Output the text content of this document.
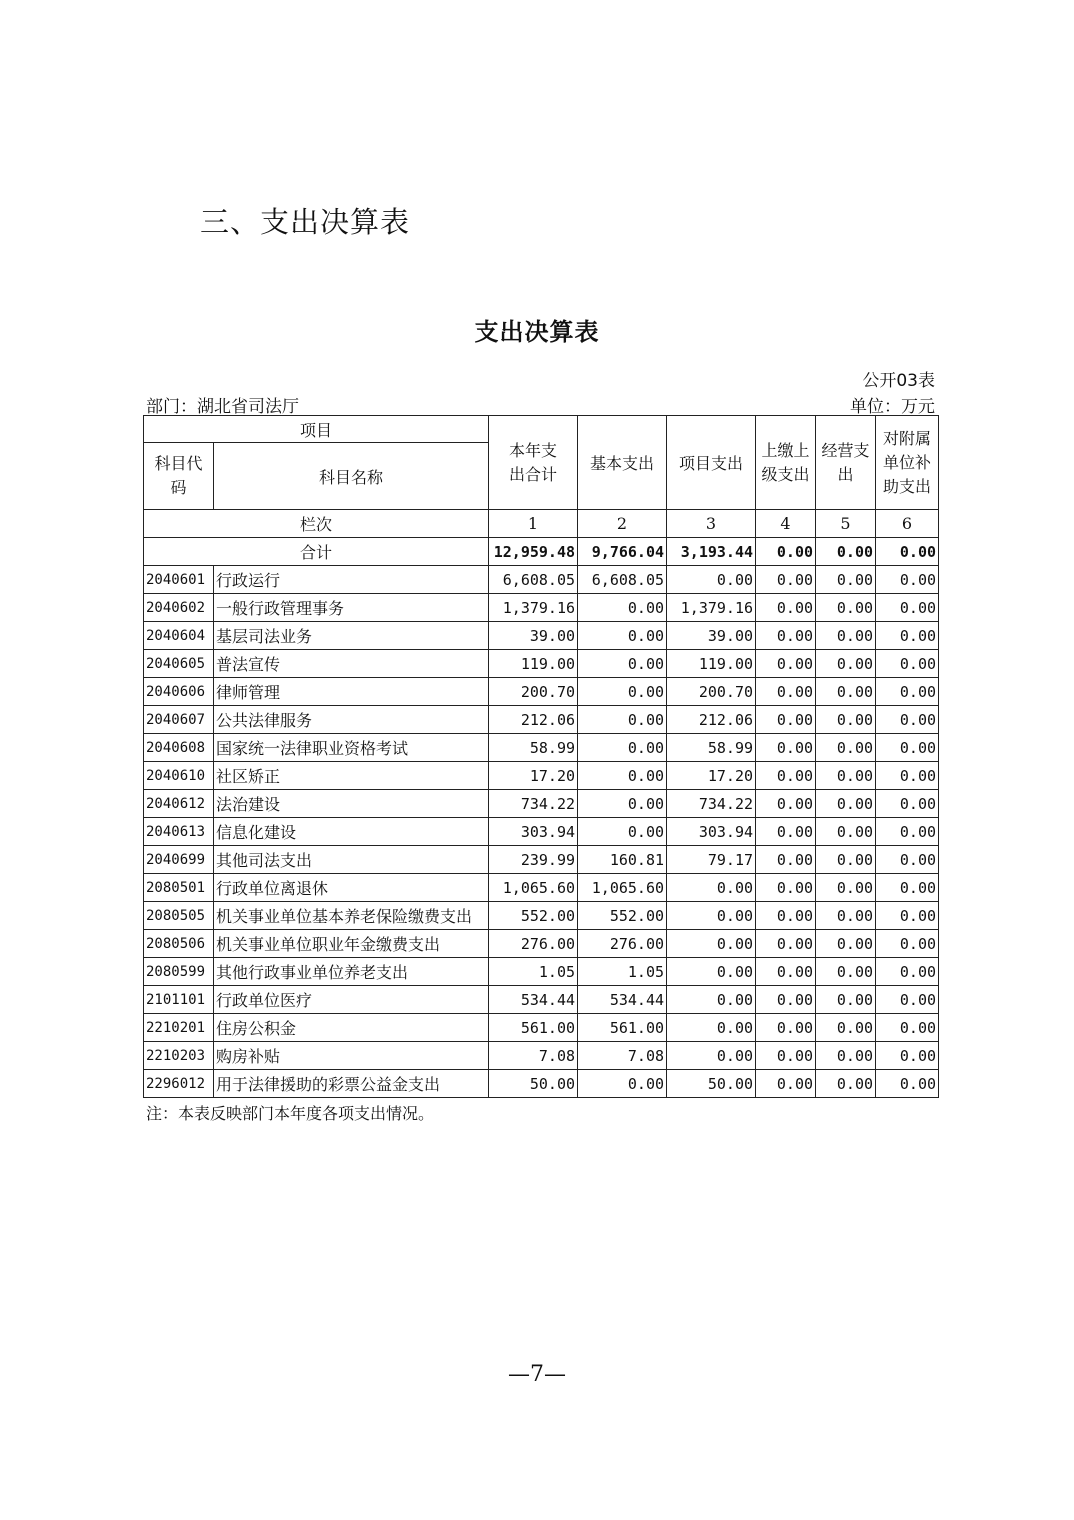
三、支出决算表
支出决算表
公开03表
部门：湖北省司法厅	单位：万元
项目		本年支出合计	基本支出	项目支出	上缴上级支出	经营支出	对附属单位补助支出

科目代码	科目名称						
栏次		1	2	3	4	5	6
合计		12,959.48	9,766.04	3,193.44	0.00	0.00	0.00
2040601	行政运行	6,608.05	6,608.05	0.00	0.00	0.00	0.00
2040602	一般行政管理事务	1,379.16	0.00	1,379.16	0.00	0.00	0.00
2040604	基层司法业务	39.00	0.00	39.00	0.00	0.00	0.00
2040605	普法宣传	119.00	0.00	119.00	0.00	0.00	0.00
2040606	律师管理	200.70	0.00	200.70	0.00	0.00	0.00
2040607	公共法律服务	212.06	0.00	212.06	0.00	0.00	0.00
2040608	国家统一法律职业资格考试	58.99	0.00	58.99	0.00	0.00	0.00
2040610	社区矫正	17.20	0.00	17.20	0.00	0.00	0.00
2040612	法治建设	734.22	0.00	734.22	0.00	0.00	0.00
2040613	信息化建设	303.94	0.00	303.94	0.00	0.00	0.00
2040699	其他司法支出	239.99	160.81	79.17	0.00	0.00	0.00
2080501	行政单位离退休	1,065.60	1,065.60	0.00	0.00	0.00	0.00
2080505	机关事业单位基本养老保险缴费支出	552.00	552.00	0.00	0.00	0.00	0.00
2080506	机关事业单位职业年金缴费支出	276.00	276.00	0.00	0.00	0.00	0.00
2080599	其他行政事业单位养老支出	1.05	1.05	0.00	0.00	0.00	0.00
2101101	行政单位医疗	534.44	534.44	0.00	0.00	0.00	0.00
2210201	住房公积金	561.00	561.00	0.00	0.00	0.00	0.00
2210203	购房补贴	7.08	7.08	0.00	0.00	0.00	0.00
2296012	用于法律援助的彩票公益金支出	50.00	0.00	50.00	0.00	0.00	0.00
注：本表反映部门本年度各项支出情况。
—7—
